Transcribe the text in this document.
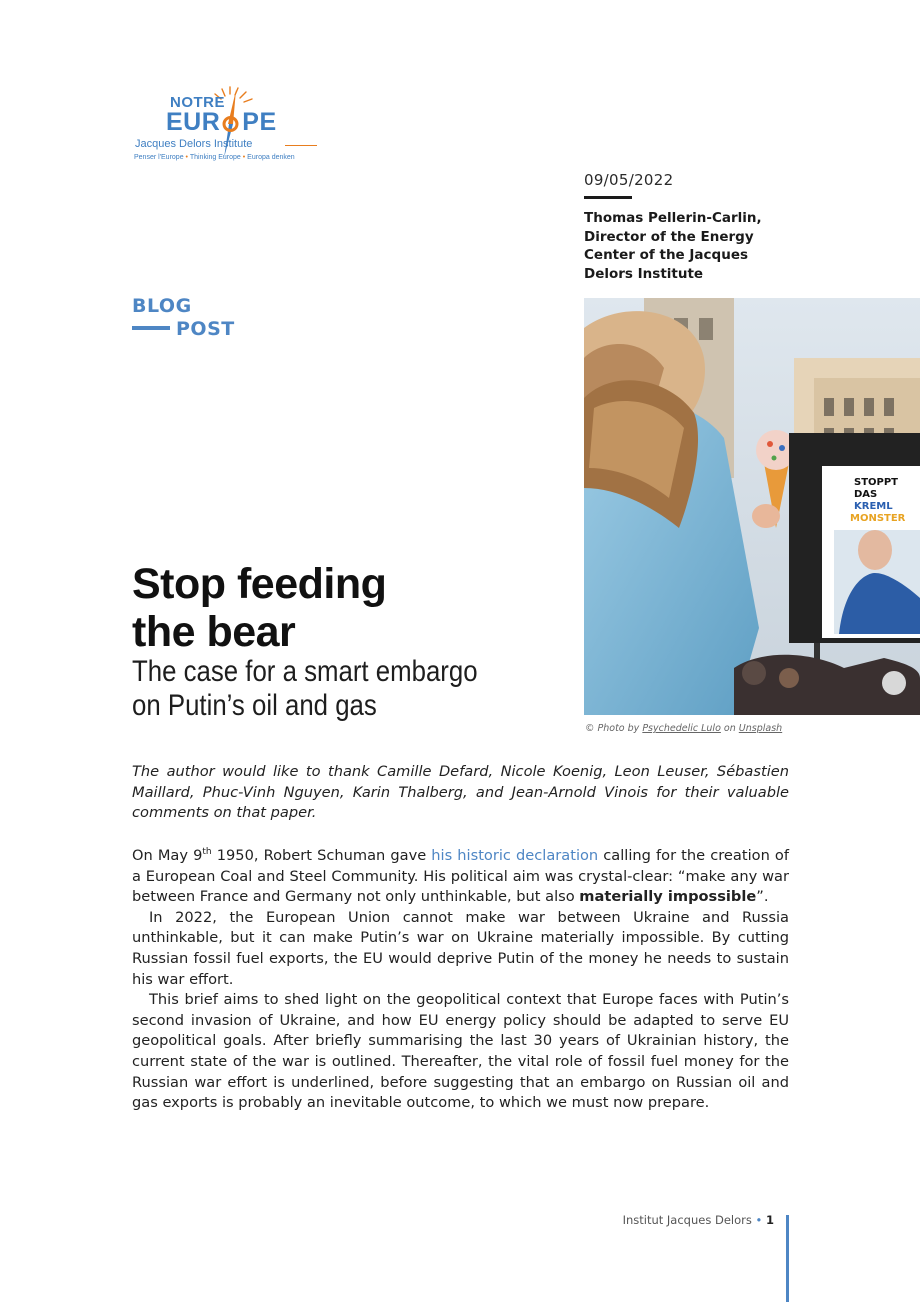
NOTRE
EUR PE
Jacques Delors Institute
Penser l'Europe • Thinking Europe • Europa denken
09/05/2022
Thomas Pellerin-Carlin,
Director of the Energy
Center of the Jacques
Delors Institute
BLOG
POST
STOPPT
DAS
KREML
MONSTER
© Photo by Psychedelic Lulo on Unsplash
Stop feeding
the bear
The case for a smart embargo
on Putin’s oil and gas
The author would like to thank Camille Defard, Nicole Koenig, Leon Leuser, Sébastien Maillard, Phuc-Vinh Nguyen, Karin Thalberg, and Jean-Arnold Vinois for their valuable comments on that paper.

On May 9th 1950, Robert Schuman gave his historic declaration calling for the creation of a European Coal and Steel Community. His political aim was crystal-clear: “make any war between France and Germany not only unthinkable, but also materially impossible”.

In 2022, the European Union cannot make war between Ukraine and Russia unthinkable, but it can make Putin’s war on Ukraine materially impossible. By cutting Russian fossil fuel exports, the EU would deprive Putin of the money he needs to sustain his war effort.

This brief aims to shed light on the geopolitical context that Europe faces with Putin’s second invasion of Ukraine, and how EU energy policy should be adapted to serve EU geopolitical goals. After briefly summarising the last 30 years of Ukrainian history, the current state of the war is outlined. Thereafter, the vital role of fossil fuel money for the Russian war effort is underlined, before suggesting that an embargo on Russian oil and gas exports is probably an inevitable outcome, to which we must now prepare.

Institut Jacques Delors • 1
